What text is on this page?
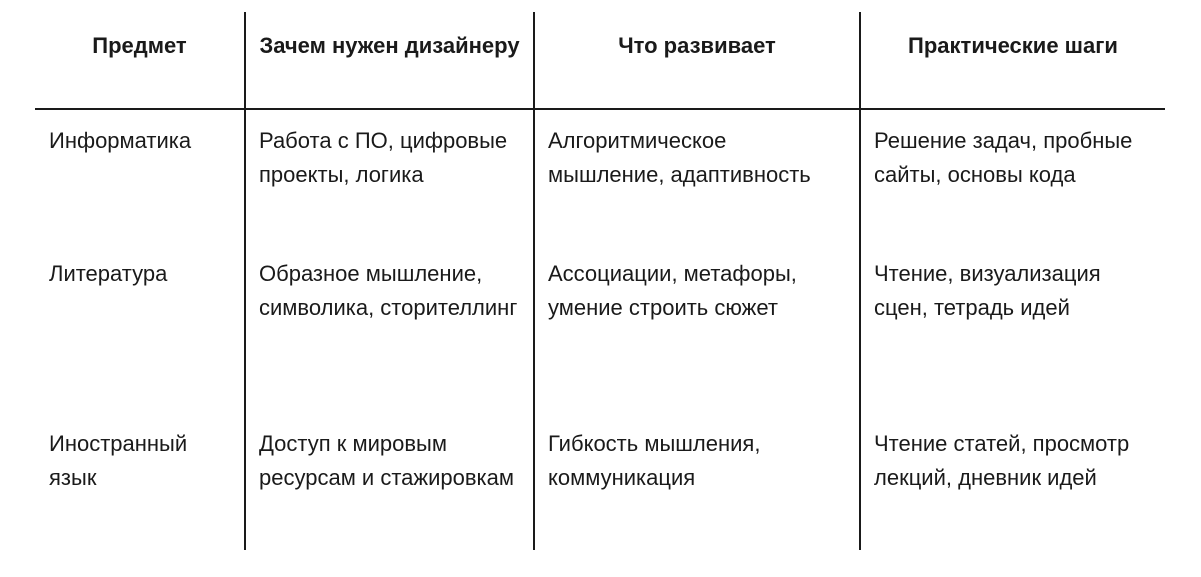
Предмет	Зачем нужен дизайнеру	Что развивает	Практические шаги
Информатика	Работа с ПО, цифровые проекты, логика	Алгоритмическое мышление, адаптивность	Решение задач, пробные сайты, основы кода
Литература	Образное мышление, символика, сторителлинг	Ассоциации, метафоры, умение строить сюжет	Чтение, визуализация сцен, тетрадь идей
Иностранный язык	Доступ к мировым ресурсам и стажировкам	Гибкость мышления, коммуникация	Чтение статей, просмотр лекций, дневник идей
